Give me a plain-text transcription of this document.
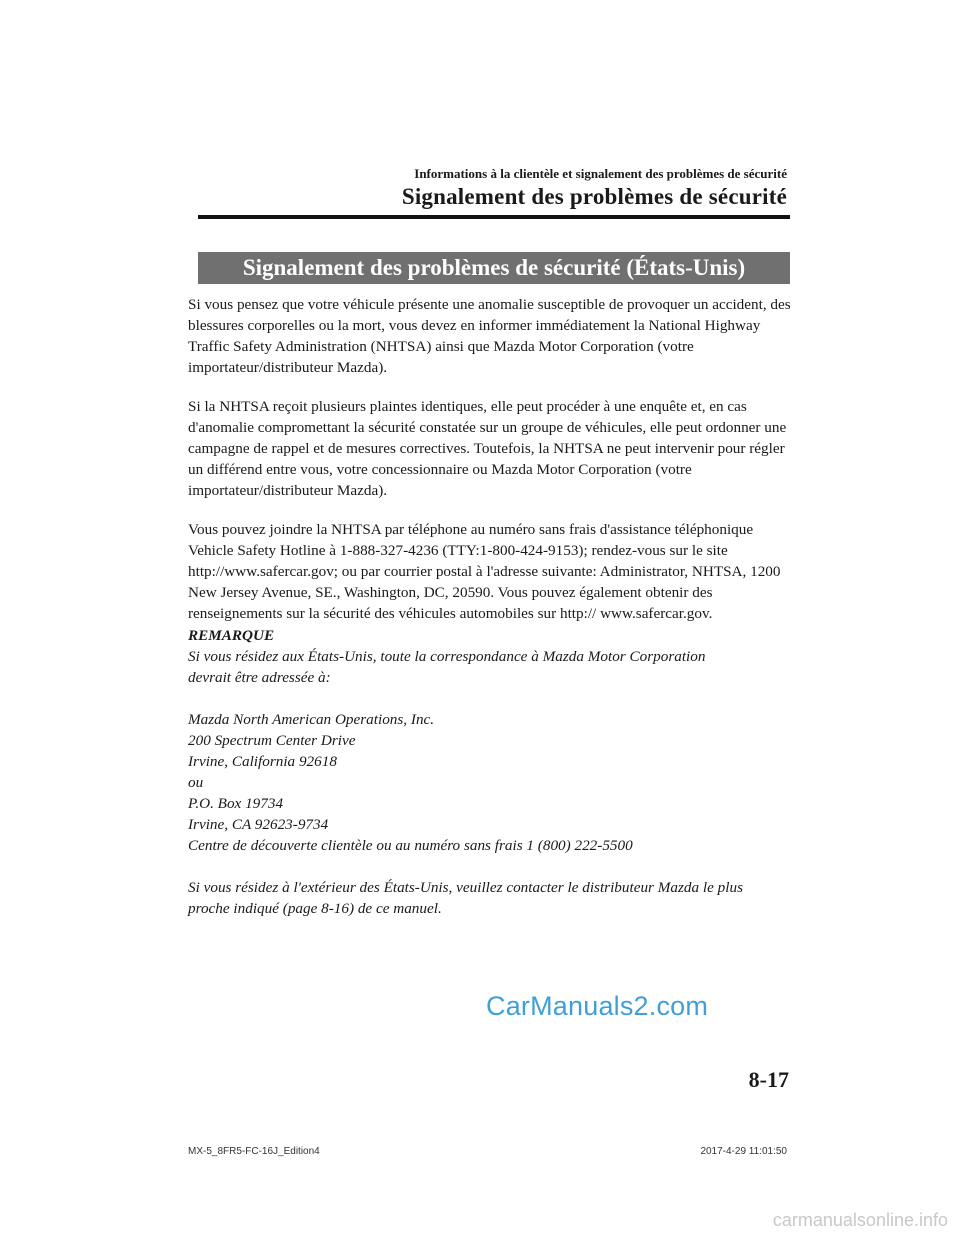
Informations à la clientèle et signalement des problèmes de sécurité
Signalement des problèmes de sécurité
Signalement des problèmes de sécurité (États-Unis)

Si vous pensez que votre véhicule présente une anomalie susceptible de provoquer un accident, des blessures corporelles ou la mort, vous devez en informer immédiatement la National Highway Traffic Safety Administration (NHTSA) ainsi que Mazda Motor Corporation (votre importateur/distributeur Mazda).

Si la NHTSA reçoit plusieurs plaintes identiques, elle peut procéder à une enquête et, en cas d'anomalie compromettant la sécurité constatée sur un groupe de véhicules, elle peut ordonner une campagne de rappel et de mesures correctives. Toutefois, la NHTSA ne peut intervenir pour régler un différend entre vous, votre concessionnaire ou Mazda Motor Corporation (votre importateur/distributeur Mazda).

Vous pouvez joindre la NHTSA par téléphone au numéro sans frais d'assistance téléphonique Vehicle Safety Hotline à 1-888-327-4236 (TTY:1-800-424-9153); rendez-vous sur le site http://www.safercar.gov; ou par courrier postal à l'adresse suivante: Administrator, NHTSA, 1200 New Jersey Avenue, SE., Washington, DC, 20590. Vous pouvez également obtenir des renseignements sur la sécurité des véhicules automobiles sur http:// www.safercar.gov.

REMARQUE

Si vous résidez aux États-Unis, toute la correspondance à Mazda Motor Corporation

devrait être adressée à:

Mazda North American Operations, Inc.

200 Spectrum Center Drive

Irvine, California 92618

ou

P.O. Box 19734

Irvine, CA 92623-9734

Centre de découverte clientèle ou au numéro sans frais 1 (800) 222-5500

Si vous résidez à l'extérieur des États-Unis, veuillez contacter le distributeur Mazda le plus

proche indiqué (page 8-16) de ce manuel.

CarManuals2.com
8-17
MX-5_8FR5-FC-16J_Edition4	2017-4-29 11:01:50
carmanualsonline.info
